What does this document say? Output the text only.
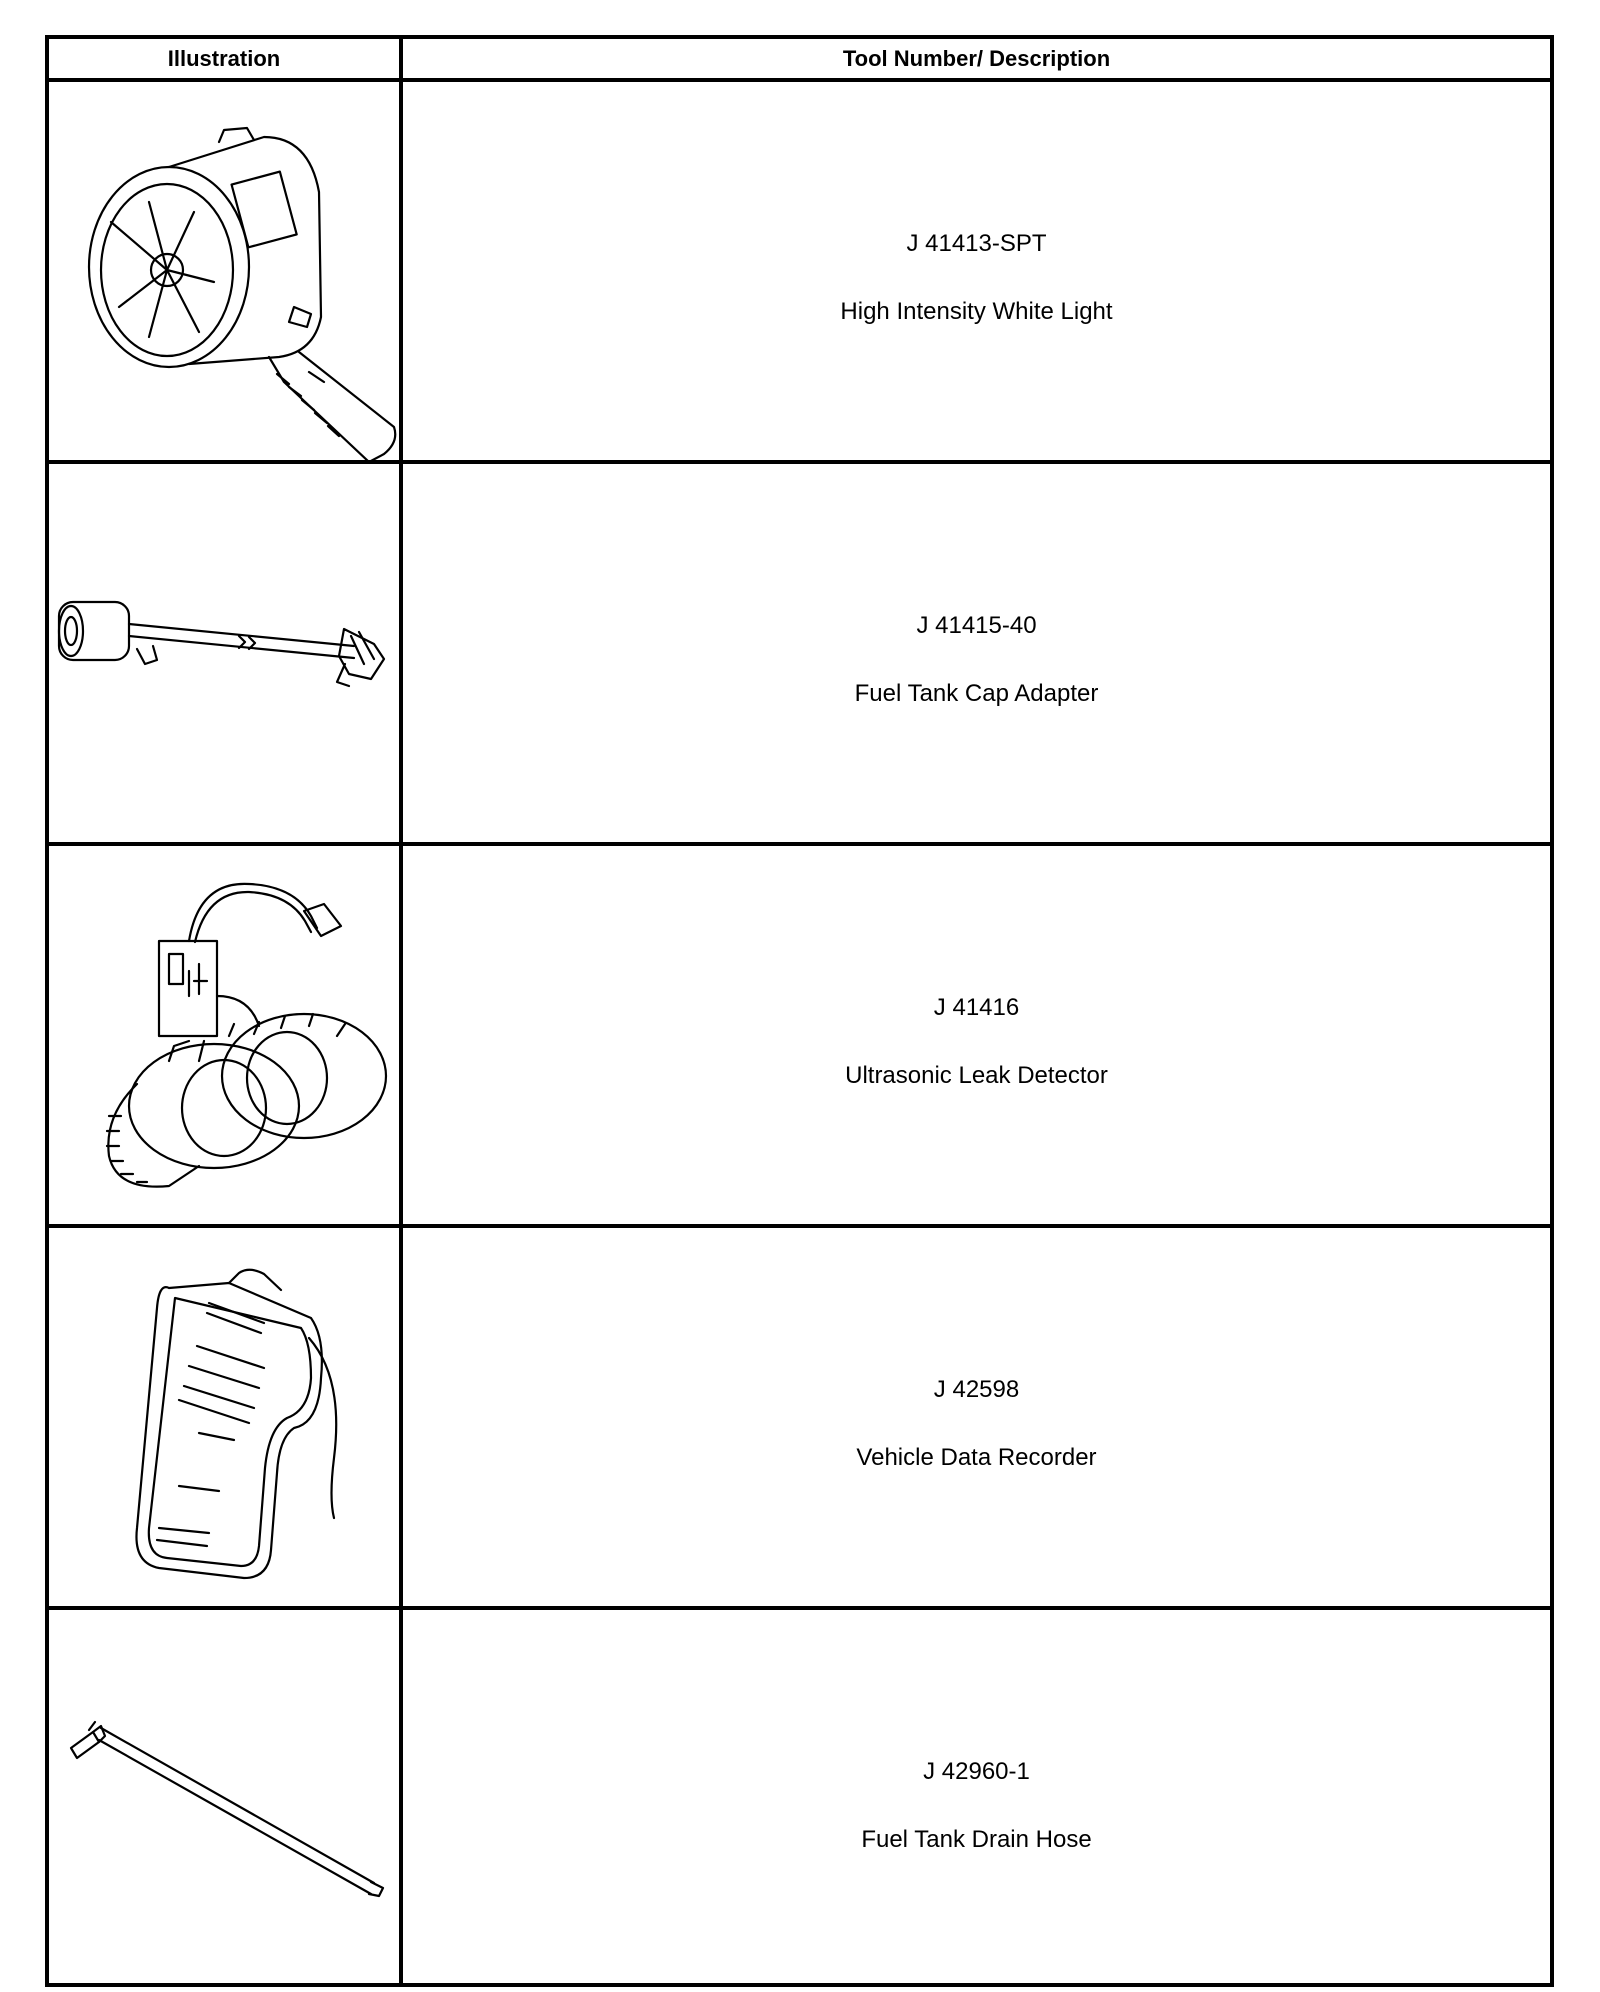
Illustration	Tool Number/ Description
J 41413-SPT
High Intensity White Light
J 41415-40
Fuel Tank Cap Adapter
J 41416
Ultrasonic Leak Detector
J 42598
Vehicle Data Recorder
J 42960-1
Fuel Tank Drain Hose
